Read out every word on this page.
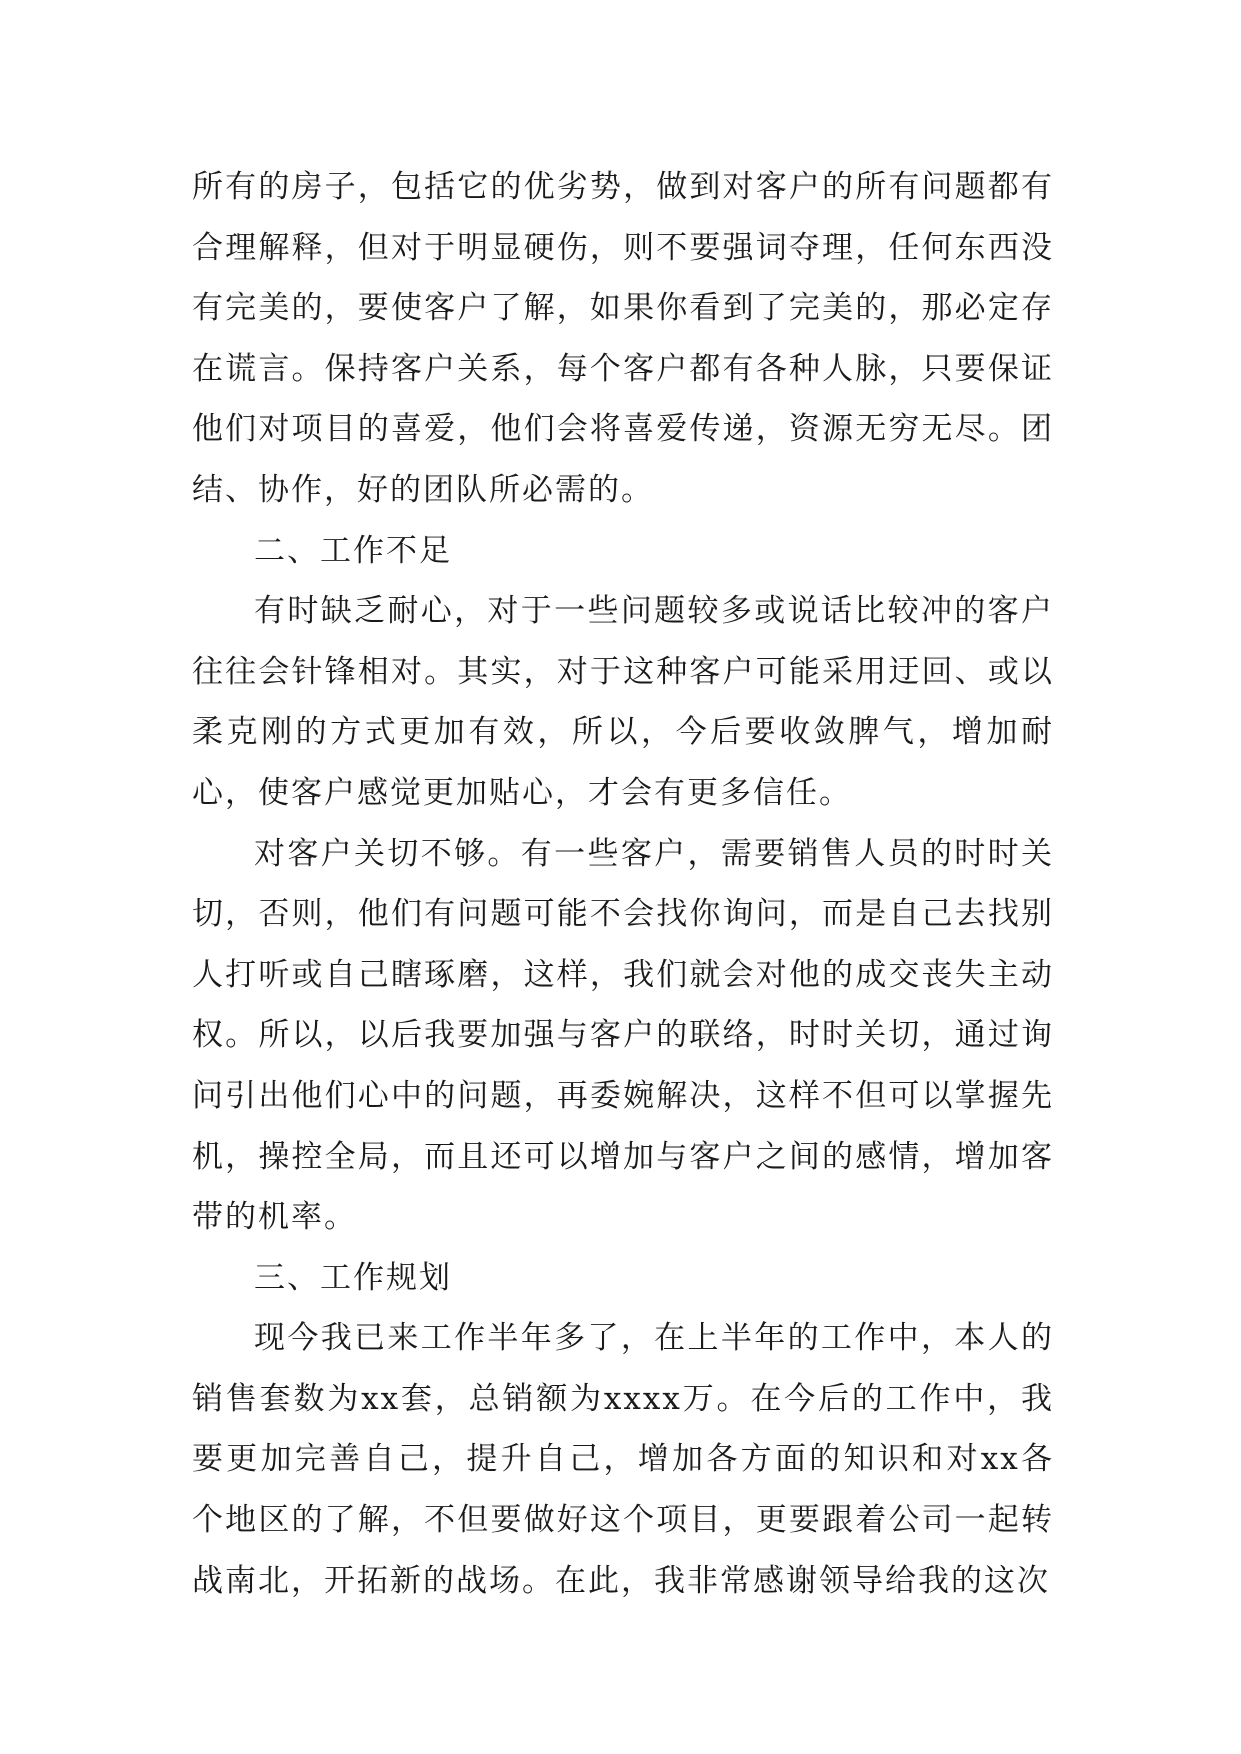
所有的房子，包括它的优劣势，做到对客户的所有问题都有合理解释，但对于明显硬伤，则不要强词夺理，任何东西没有完美的，要使客户了解，如果你看到了完美的，那必定存在谎言。保持客户关系，每个客户都有各种人脉，只要保证他们对项目的喜爱，他们会将喜爱传递，资源无穷无尽。团结、协作，好的团队所必需的。

二、工作不足

有时缺乏耐心，对于一些问题较多或说话比较冲的客户往往会针锋相对。其实，对于这种客户可能采用迂回、或以柔克刚的方式更加有效，所以，今后要收敛脾气，增加耐心，使客户感觉更加贴心，才会有更多信任。

对客户关切不够。有一些客户，需要销售人员的时时关切，否则，他们有问题可能不会找你询问，而是自己去找别人打听或自己瞎琢磨，这样，我们就会对他的成交丧失主动权。所以，以后我要加强与客户的联络，时时关切，通过询问引出他们心中的问题，再委婉解决，这样不但可以掌握先机，操控全局，而且还可以增加与客户之间的感情，增加客带的机率。

三、工作规划

现今我已来工作半年多了，在上半年的工作中，本人的销售套数为xx套，总销额为xxxx万。在今后的工作中，我要更加完善自己，提升自己，增加各方面的知识和对xx各个地区的了解，不但要做好这个项目，更要跟着公司一起转战南北，开拓新的战场。在此，我非常感谢领导给我的这次
